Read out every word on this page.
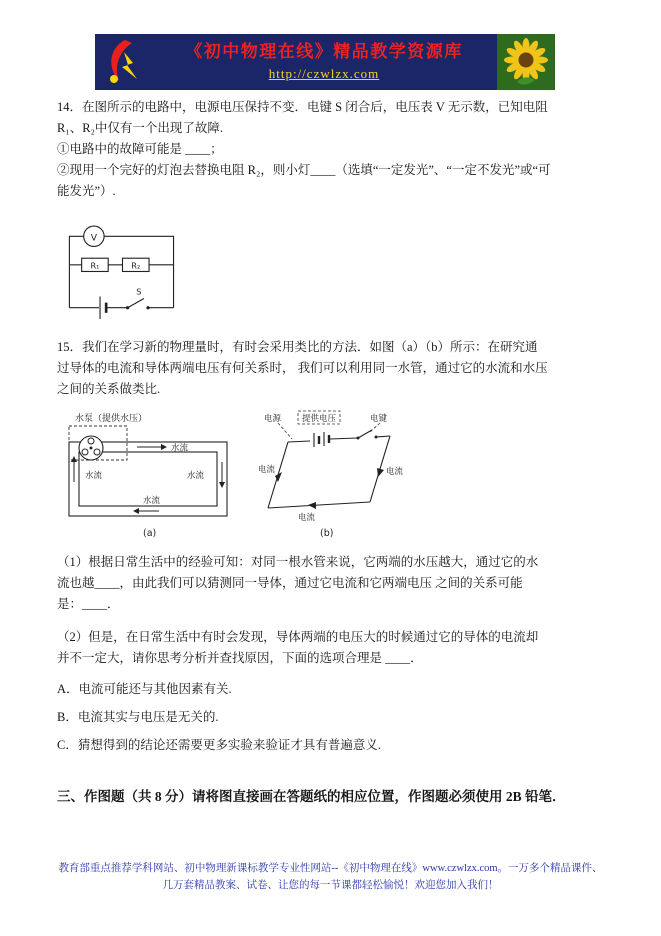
《初中物理在线》精品教学资源库
http://czwlzx.com
14．在图所示的电路中，电源电压保持不变．电键 S 闭合后，电压表 V 无示数，已知电阻
R₁、R₂中仅有一个出现了故障.
①电路中的故障可能是 ____；
②现用一个完好的灯泡去替换电阻 R₂，则小灯____（选填“一定发光”、“一定不发光”或“可
能发光”）.
V
R₁	R₂
S
15．我们在学习新的物理量时，有时会采用类比的方法．如图（a）（b）所示：在研究通
过导体的电流和导体两端电压有何关系时， 我们可以利用同一水管，通过它的水流和水压
之间的关系做类比.
水泵（提供水压）
水流
水流
水流
水流
(a)
电源 提供电压	电键
电流	电流
电流
(b)
（1）根据日常生活中的经验可知：对同一根水管来说，它两端的水压越大，通过它的水
流也越____，由此我们可以猜测同一导体，通过它电流和它两端电压 之间的关系可能
是：____．
（2）但是，在日常生活中有时会发现，导体两端的电压大的时候通过它的导体的电流却
并不一定大，请你思考分析并查找原因，下面的选项合理是 ____．
A．电流可能还与其他因素有关.
B．电流其实与电压是无关的.
C．猜想得到的结论还需要更多实验来验证才具有普遍意义.
三、作图题（共 8 分）请将图直接画在答题纸的相应位置，作图题必须使用 2B 铅笔．
教育部重点推荐学科网站、初中物理新课标教学专业性网站--《初中物理在线》www.czwlzx.com。一万多个精品课件、
几万套精品教案、试卷、让您的每一节课都轻松愉悦！欢迎您加入我们！
